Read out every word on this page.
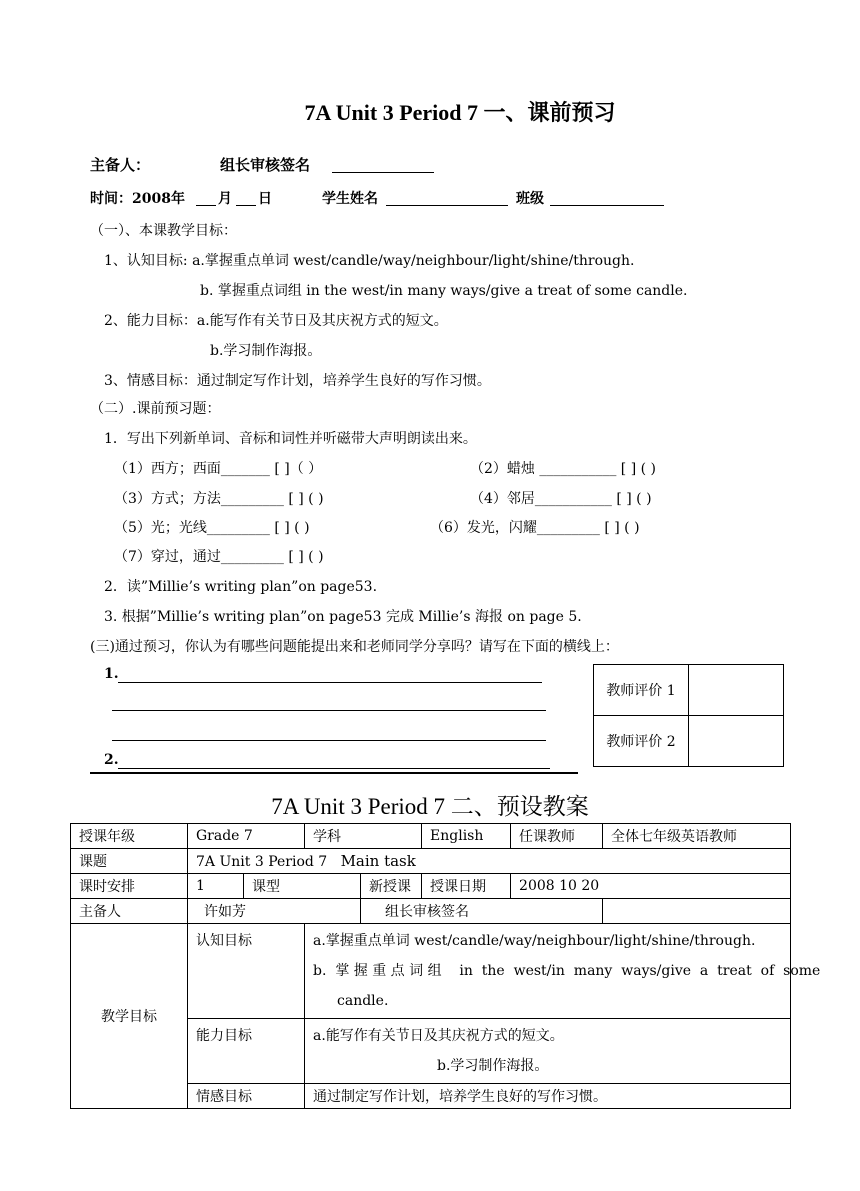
7A Unit 3 Period 7 一、课前预习
主备人：	组长审核签名
时间：2008年 月 日	学生姓名	班级
（一）、本课教学目标：
1、认知目标: a.掌握重点单词 west/candle/way/neighbour/light/shine/through.
b. 掌握重点词组 in the west/in many ways/give a treat of some candle.
2、能力目标：a.能写作有关节日及其庆祝方式的短文。
b.学习制作海报。
3、情感目标：通过制定写作计划，培养学生良好的写作习惯。
（二）.课前预习题：
1．写出下列新单词、音标和词性并听磁带大声明朗读出来。
（1）西方；西面_______ [ ]（ ）	（2）蜡烛 ___________ [ ] ( )
（3）方式；方法_________ [ ] ( )	（4）邻居___________ [ ] ( )
（5）光；光线_________ [ ] ( )	（6）发光，闪耀_________ [ ] ( )
（7）穿过，通过_________ [ ] ( )
2．读”Millie’s writing plan”on page53.
3. 根据”Millie’s writing plan”on page53 完成 Millie’s 海报 on page 5.
(三)通过预习，你认为有哪些问题能提出来和老师同学分享吗？请写在下面的横线上：
1.
2.
教师评价 1	
教师评价 2	
7A Unit 3 Period 7 二、预设教案
授课年级	Grade 7		学科		English	任课教师	全体七年级英语教师
课题	7A Unit 3 Period 7 Main task						
课时安排	1	课型		新授课	授课日期	2008 10 20	
主备人	许如芳			组长审核签名			
教学目标	认知目标		a.掌握重点单词 west/candle/way/neighbour/light/shine/through.
b.  掌 握 重 点 词 组    in  the  west/in  many  ways/give  a  treat  of  some
candle.				

	能力目标		a.能写作有关节日及其庆祝方式的短文。
b.学习制作海报。				

	情感目标		通过制定写作计划，培养学生良好的写作习惯。				
